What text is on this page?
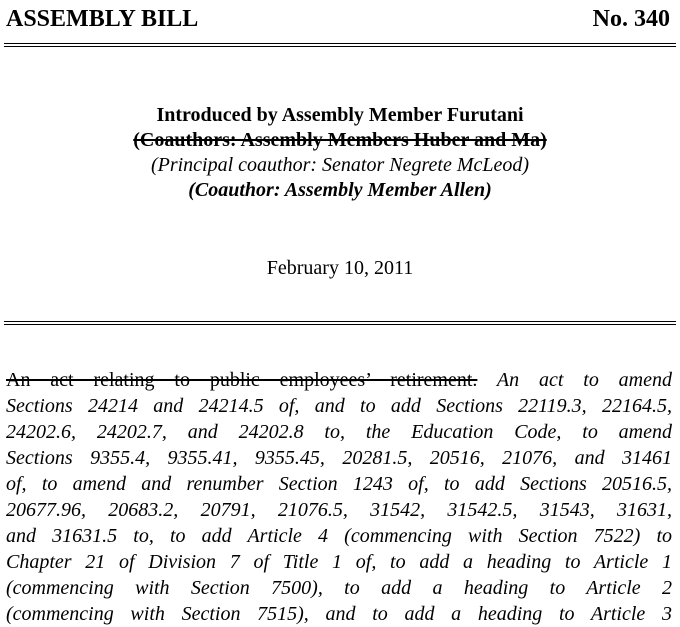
ASSEMBLY BILL	No. 340
Introduced by Assembly Member Furutani
(Coauthors: Assembly Members Huber and Ma)
(Principal coauthor: Senator Negrete McLeod)
(Coauthor: Assembly Member Allen)
February 10, 2011
An act relating to public employees’ retirement. An act to amend
Sections 24214 and 24214.5 of, and to add Sections 22119.3, 22164.5,
24202.6, 24202.7, and 24202.8 to, the Education Code, to amend
Sections 9355.4, 9355.41, 9355.45, 20281.5, 20516, 21076, and 31461
of, to amend and renumber Section 1243 of, to add Sections 20516.5,
20677.96, 20683.2, 20791, 21076.5, 31542, 31542.5, 31543, 31631,
and 31631.5 to, to add Article 4 (commencing with Section 7522) to
Chapter 21 of Division 7 of Title 1 of, to add a heading to Article 1
(commencing with Section 7500), to add a heading to Article 2
(commencing with Section 7515), and to add a heading to Article 3
